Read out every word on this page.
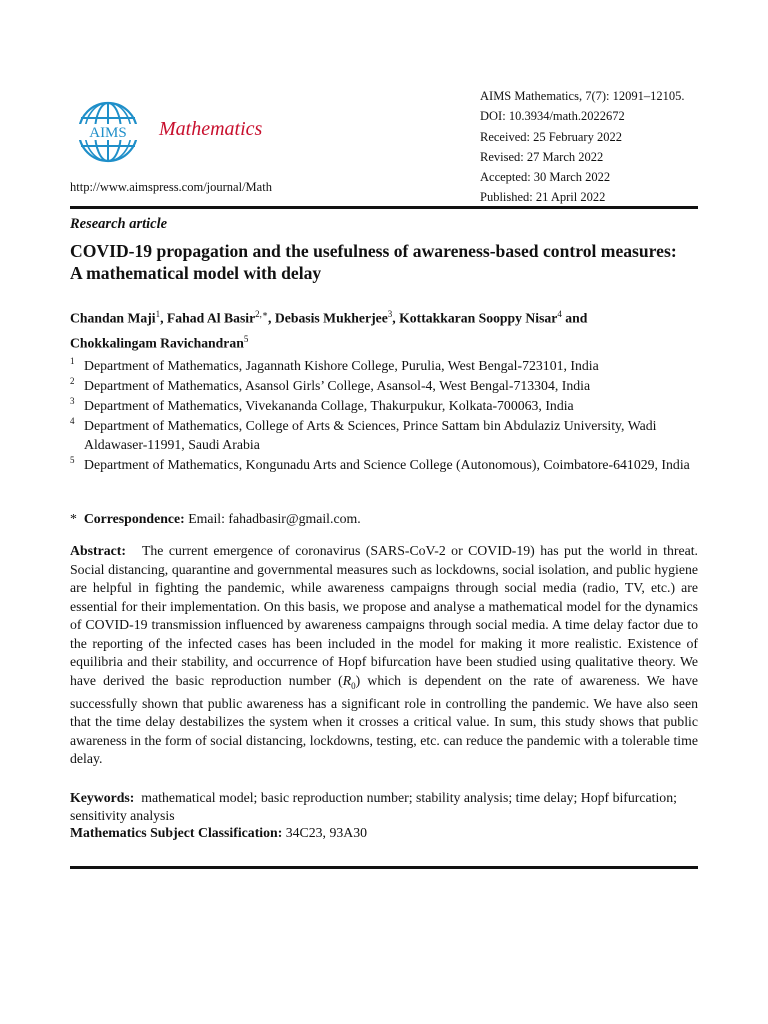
AIMS Mathematics
http://www.aimspress.com/journal/Math
AIMS Mathematics, 7(7): 12091–12105.
DOI: 10.3934/math.2022672
Received: 25 February 2022
Revised: 27 March 2022
Accepted: 30 March 2022
Published: 21 April 2022
Research article
COVID-19 propagation and the usefulness of awareness-based control measures: A mathematical model with delay
Chandan Maji$^1$, Fahad Al Basir$^{2,∗}$, Debasis Mukherjee$^3$, Kottakkaran Sooppy Nisar$^4$ and
Chokkalingam Ravichandran$^5$
1 Department of Mathematics, Jagannath Kishore College, Purulia, West Bengal-723101, India
2 Department of Mathematics, Asansol Girls’ College, Asansol-4, West Bengal-713304, India
3 Department of Mathematics, Vivekananda Collage, Thakurpukur, Kolkata-700063, India
4 Department of Mathematics, College of Arts & Sciences, Prince Sattam bin Abdulaziz University, Wadi Aldawaser-11991, Saudi Arabia
5 Department of Mathematics, Kongunadu Arts and Science College (Autonomous), Coimbatore-641029, India
* Correspondence: Email: fahadbasir@gmail.com.
Abstract: The current emergence of coronavirus (SARS-CoV-2 or COVID-19) has put the world in threat. Social distancing, quarantine and governmental measures such as lockdowns, social isolation, and public hygiene are helpful in fighting the pandemic, while awareness campaigns through social media (radio, TV, etc.) are essential for their implementation. On this basis, we propose and analyse a mathematical model for the dynamics of COVID-19 transmission influenced by awareness campaigns through social media. A time delay factor due to the reporting of the infected cases has been included in the model for making it more realistic. Existence of equilibria and their stability, and occurrence of Hopf bifurcation have been studied using qualitative theory. We have derived the basic reproduction number $(R_0)$ which is dependent on the rate of awareness. We have successfully shown that public awareness has a significant role in controlling the pandemic. We have also seen that the time delay destabilizes the system when it crosses a critical value. In sum, this study shows that public awareness in the form of social distancing, lockdowns, testing, etc. can reduce the pandemic with a tolerable time delay.
Keywords: mathematical model; basic reproduction number; stability analysis; time delay; Hopf bifurcation; sensitivity analysis
Mathematics Subject Classification: 34C23, 93A30
